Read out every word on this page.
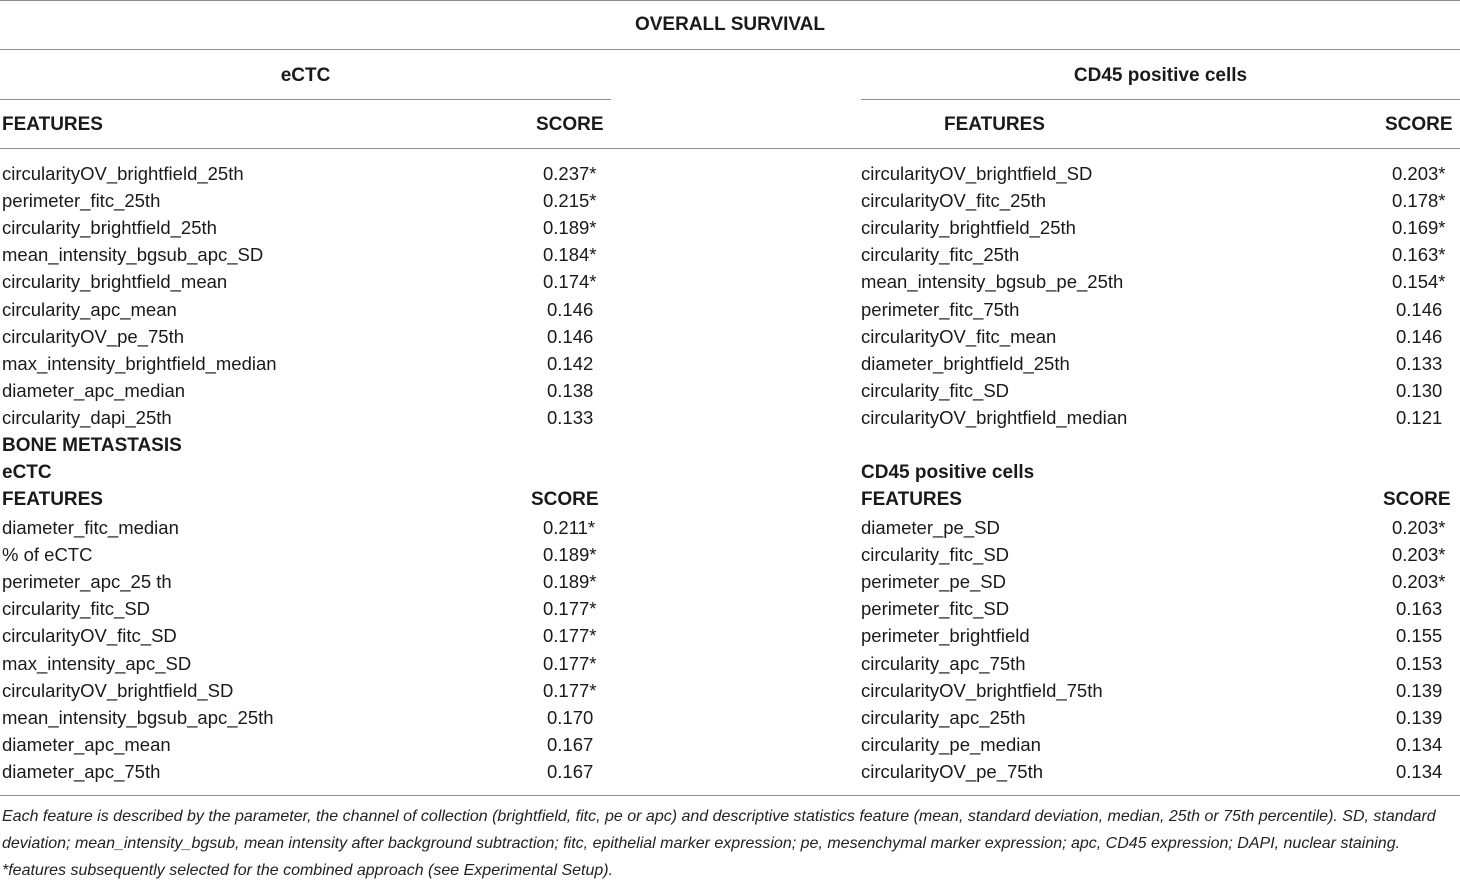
OVERALL SURVIVAL
eCTC	CD45 positive cells
FEATURES	SCORE	FEATURES	SCORE
circularityOV_brightfield_25th	0.237*
perimeter_fitc_25th	0.215*
circularity_brightfield_25th	0.189*
mean_intensity_bgsub_apc_SD	0.184*
circularity_brightfield_mean	0.174*
circularity_apc_mean	0.146
circularityOV_pe_75th	0.146
max_intensity_brightfield_median	0.142
diameter_apc_median	0.138
circularity_dapi_25th	0.133
circularityOV_brightfield_SD	0.203*
circularityOV_fitc_25th	0.178*
circularity_brightfield_25th	0.169*
circularity_fitc_25th	0.163*
mean_intensity_bgsub_pe_25th	0.154*
perimeter_fitc_75th	0.146
circularityOV_fitc_mean	0.146
diameter_brightfield_25th	0.133
circularity_fitc_SD	0.130
circularityOV_brightfield_median	0.121
BONE METASTASIS
eCTC	CD45 positive cells
FEATURES	SCORE	FEATURES	SCORE
diameter_fitc_median	0.211*
% of eCTC	0.189*
perimeter_apc_25 th	0.189*
circularity_fitc_SD	0.177*
circularityOV_fitc_SD	0.177*
max_intensity_apc_SD	0.177*
circularityOV_brightfield_SD	0.177*
mean_intensity_bgsub_apc_25th	0.170
diameter_apc_mean	0.167
diameter_apc_75th	0.167
diameter_pe_SD	0.203*
circularity_fitc_SD	0.203*
perimeter_pe_SD	0.203*
perimeter_fitc_SD	0.163
perimeter_brightfield	0.155
circularity_apc_75th	0.153
circularityOV_brightfield_75th	0.139
circularity_apc_25th	0.139
circularity_pe_median	0.134
circularityOV_pe_75th	0.134
Each feature is described by the parameter, the channel of collection (brightfield, fitc, pe or apc) and descriptive statistics feature (mean, standard deviation, median, 25th or 75th percentile). SD, standard deviation; mean_intensity_bgsub, mean intensity after background subtraction; fitc, epithelial marker expression; pe, mesenchymal marker expression; apc, CD45 expression; DAPI, nuclear staining. *features subsequently selected for the combined approach (see Experimental Setup).
